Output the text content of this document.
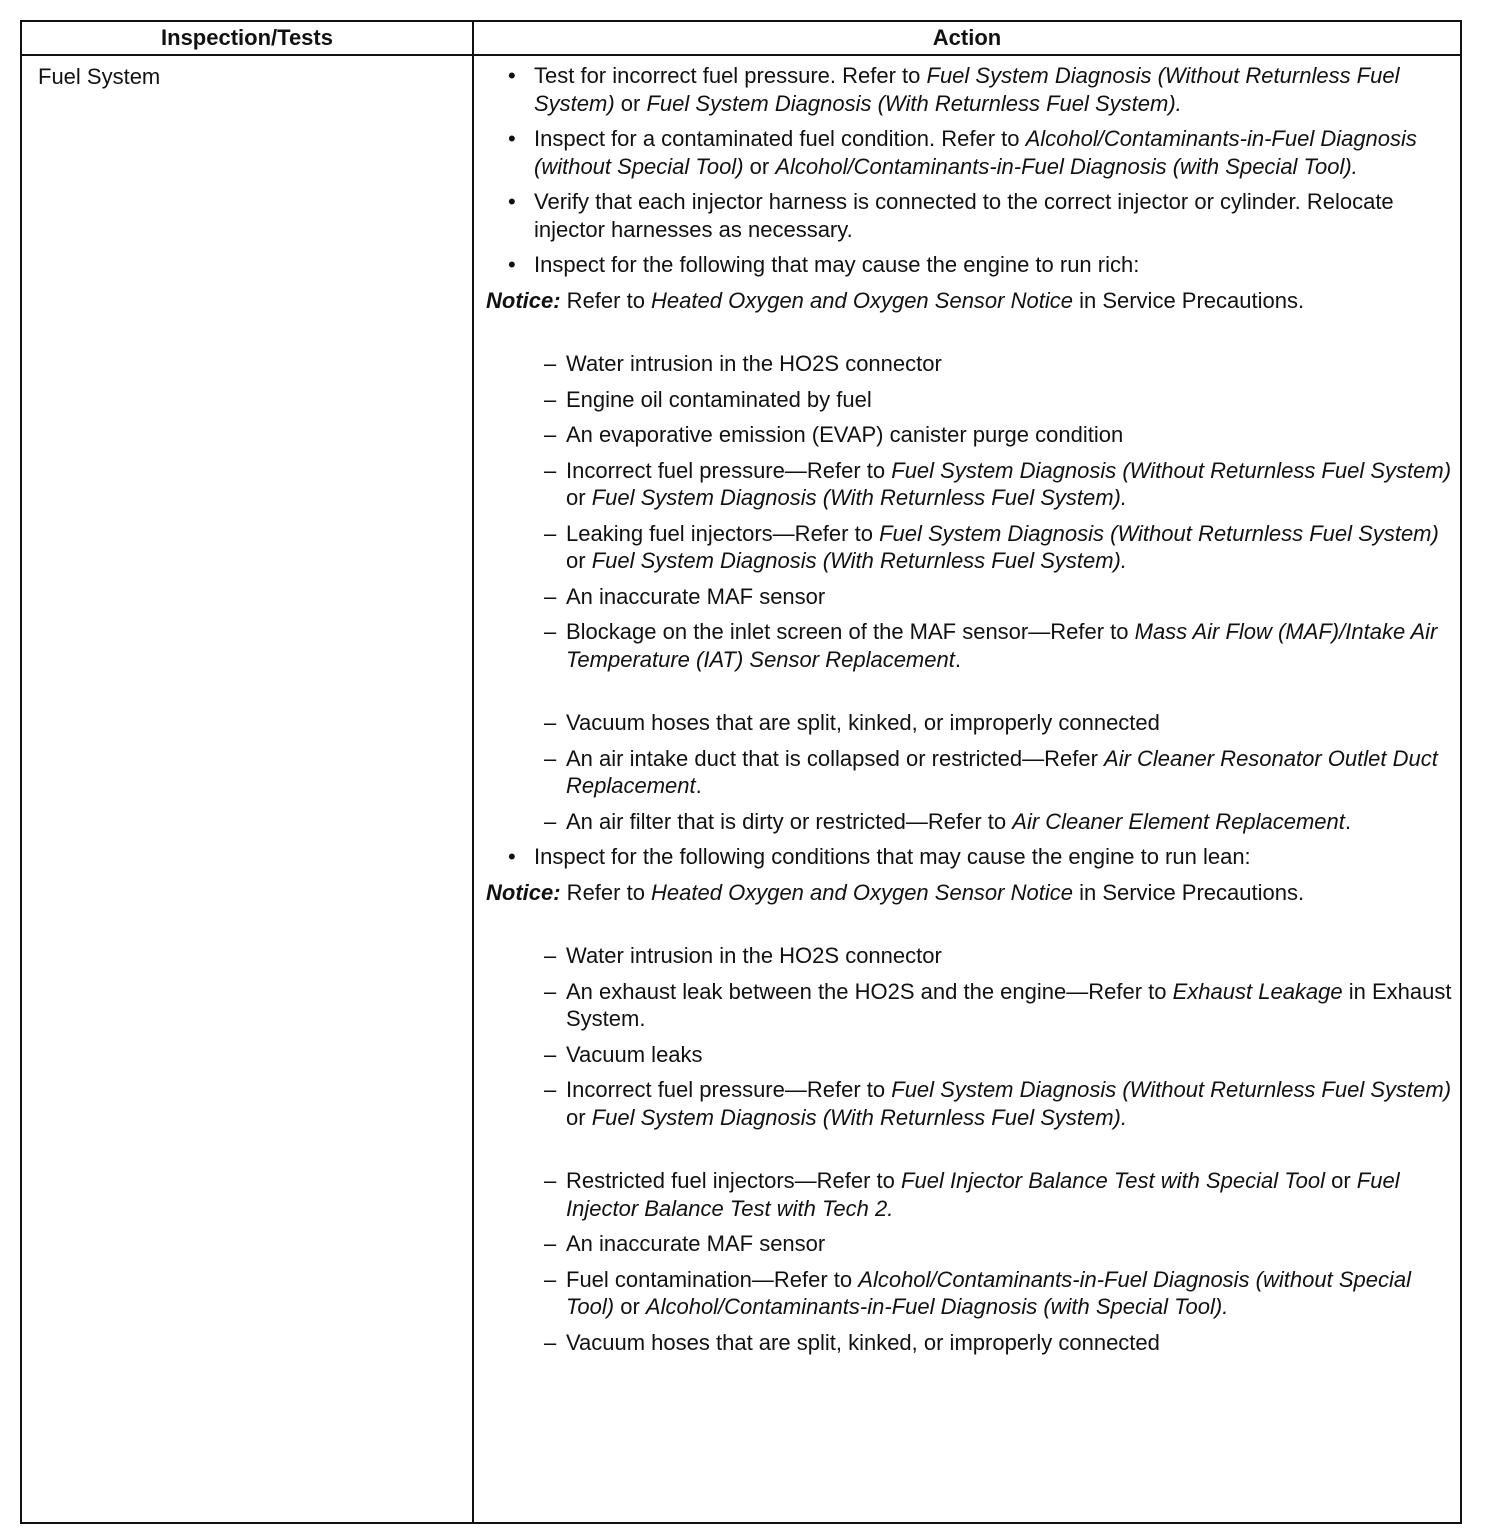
Inspection/Tests	Action
Fuel System
•	Test for incorrect fuel pressure. Refer to Fuel System Diagnosis (Without Returnless Fuel System) or Fuel System Diagnosis (With Returnless Fuel System).
• Inspect for a contaminated fuel condition. Refer to Alcohol/Contaminants-in-Fuel Diagnosis (without Special Tool) or Alcohol/Contaminants-in-Fuel Diagnosis (with Special Tool).
• Verify that each injector harness is connected to the correct injector or cylinder. Relocate injector harnesses as necessary.
• Inspect for the following that may cause the engine to run rich:
Notice: Refer to Heated Oxygen and Oxygen Sensor Notice in Service Precautions.
– Water intrusion in the HO2S connector
– Engine oil contaminated by fuel
– An evaporative emission (EVAP) canister purge condition
– Incorrect fuel pressure—Refer to Fuel System Diagnosis (Without Returnless Fuel System) or Fuel System Diagnosis (With Returnless Fuel System).
– Leaking fuel injectors—Refer to Fuel System Diagnosis (Without Returnless Fuel System) or Fuel System Diagnosis (With Returnless Fuel System).
– An inaccurate MAF sensor
– Blockage on the inlet screen of the MAF sensor—Refer to Mass Air Flow (MAF)/Intake Air Temperature (IAT) Sensor Replacement.
– Vacuum hoses that are split, kinked, or improperly connected
– An air intake duct that is collapsed or restricted—Refer Air Cleaner Resonator Outlet Duct Replacement.
– An air filter that is dirty or restricted—Refer to Air Cleaner Element Replacement.
• Inspect for the following conditions that may cause the engine to run lean:
Notice: Refer to Heated Oxygen and Oxygen Sensor Notice in Service Precautions.
– Water intrusion in the HO2S connector
– An exhaust leak between the HO2S and the engine—Refer to Exhaust Leakage in Exhaust System.
– Vacuum leaks
– Incorrect fuel pressure—Refer to Fuel System Diagnosis (Without Returnless Fuel System) or Fuel System Diagnosis (With Returnless Fuel System).
– Restricted fuel injectors—Refer to Fuel Injector Balance Test with Special Tool or Fuel Injector Balance Test with Tech 2.
– An inaccurate MAF sensor
– Fuel contamination—Refer to Alcohol/Contaminants-in-Fuel Diagnosis (without Special Tool) or Alcohol/Contaminants-in-Fuel Diagnosis (with Special Tool).
– Vacuum hoses that are split, kinked, or improperly connected
